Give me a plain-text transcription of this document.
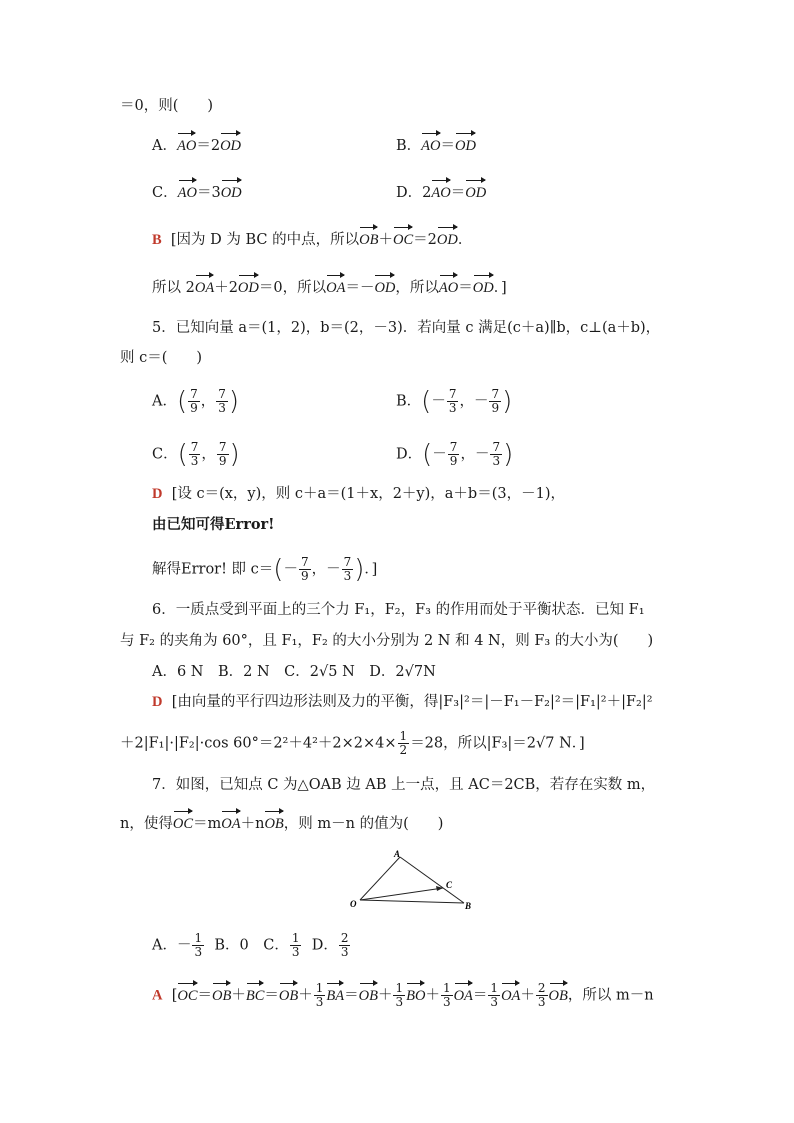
＝0，则(　　)
A．AO＝2OD	B．AO＝OD
C．AO＝3OD	D．2AO＝OD
B [因为 D 为 BC 的中点，所以OB＋OC＝2OD．
所以 2OA＋2OD＝0，所以OA＝－OD，所以AO＝OD．]
5．已知向量 a＝(1，2)，b＝(2，－3)．若向量 c 满足(c＋a)∥b，c⊥(a＋b)，
则 c＝(　　)
A．( $\frac{7}{9}$ ， $\frac{7}{3}$ )	B．(－ $\frac{7}{3}$ ，－ $\frac{7}{9}$ )
C．( $\frac{7}{3}$ ， $\frac{7}{9}$ )	D．(－ $\frac{7}{9}$ ，－ $\frac{7}{3}$ )
D [设 c＝(x，y)，则 c＋a＝(1＋x，2＋y)，a＋b＝(3，－1)，
由已知可得Error!
解得Error! 即 $c=(- \frac{7}{9}$ ，－ $\frac{7}{3}$ )．]
6．一质点受到平面上的三个力 F₁，F₂，F₃ 的作用而处于平衡状态．已知 F₁
与 F₂ 的夹角为 60°，且 F₁，F₂ 的大小分别为 2 N 和 4 N，则 F₃ 的大小为(　　)
A．6 N　B．2 N　C．2√5 N　D．2√7N
D [由向量的平行四边形法则及力的平衡，得|F₃|²＝|－F₁－F₂|²＝|F₁|²＋|F₂|²
＋2|F₁|·|F₂|·cos $60^\circ=2^2+4^2+2\times 2\times 4\times \frac{1}{2} =28$，所以|F₃|＝2√7 N．]
7．如图，已知点 C 为△OAB 边 AB 上一点，且 AC＝2CB，若存在实数 m，
n，使得OC＝mOA＋nOB，则 m－n 的值为(　　)
A
O	B
C
A．－ $\frac{1}{3}$ B．0　C． $\frac{1}{3}$ D． $\frac{2}{3}$
A  [$OC=OB+BC=OB+ \frac{1}{3} BA=OB+ \frac{1}{3} BO+ \frac{1}{3} OA= \frac{1}{3} OA+ \frac{2}{3}$ OB，所以 m－n
